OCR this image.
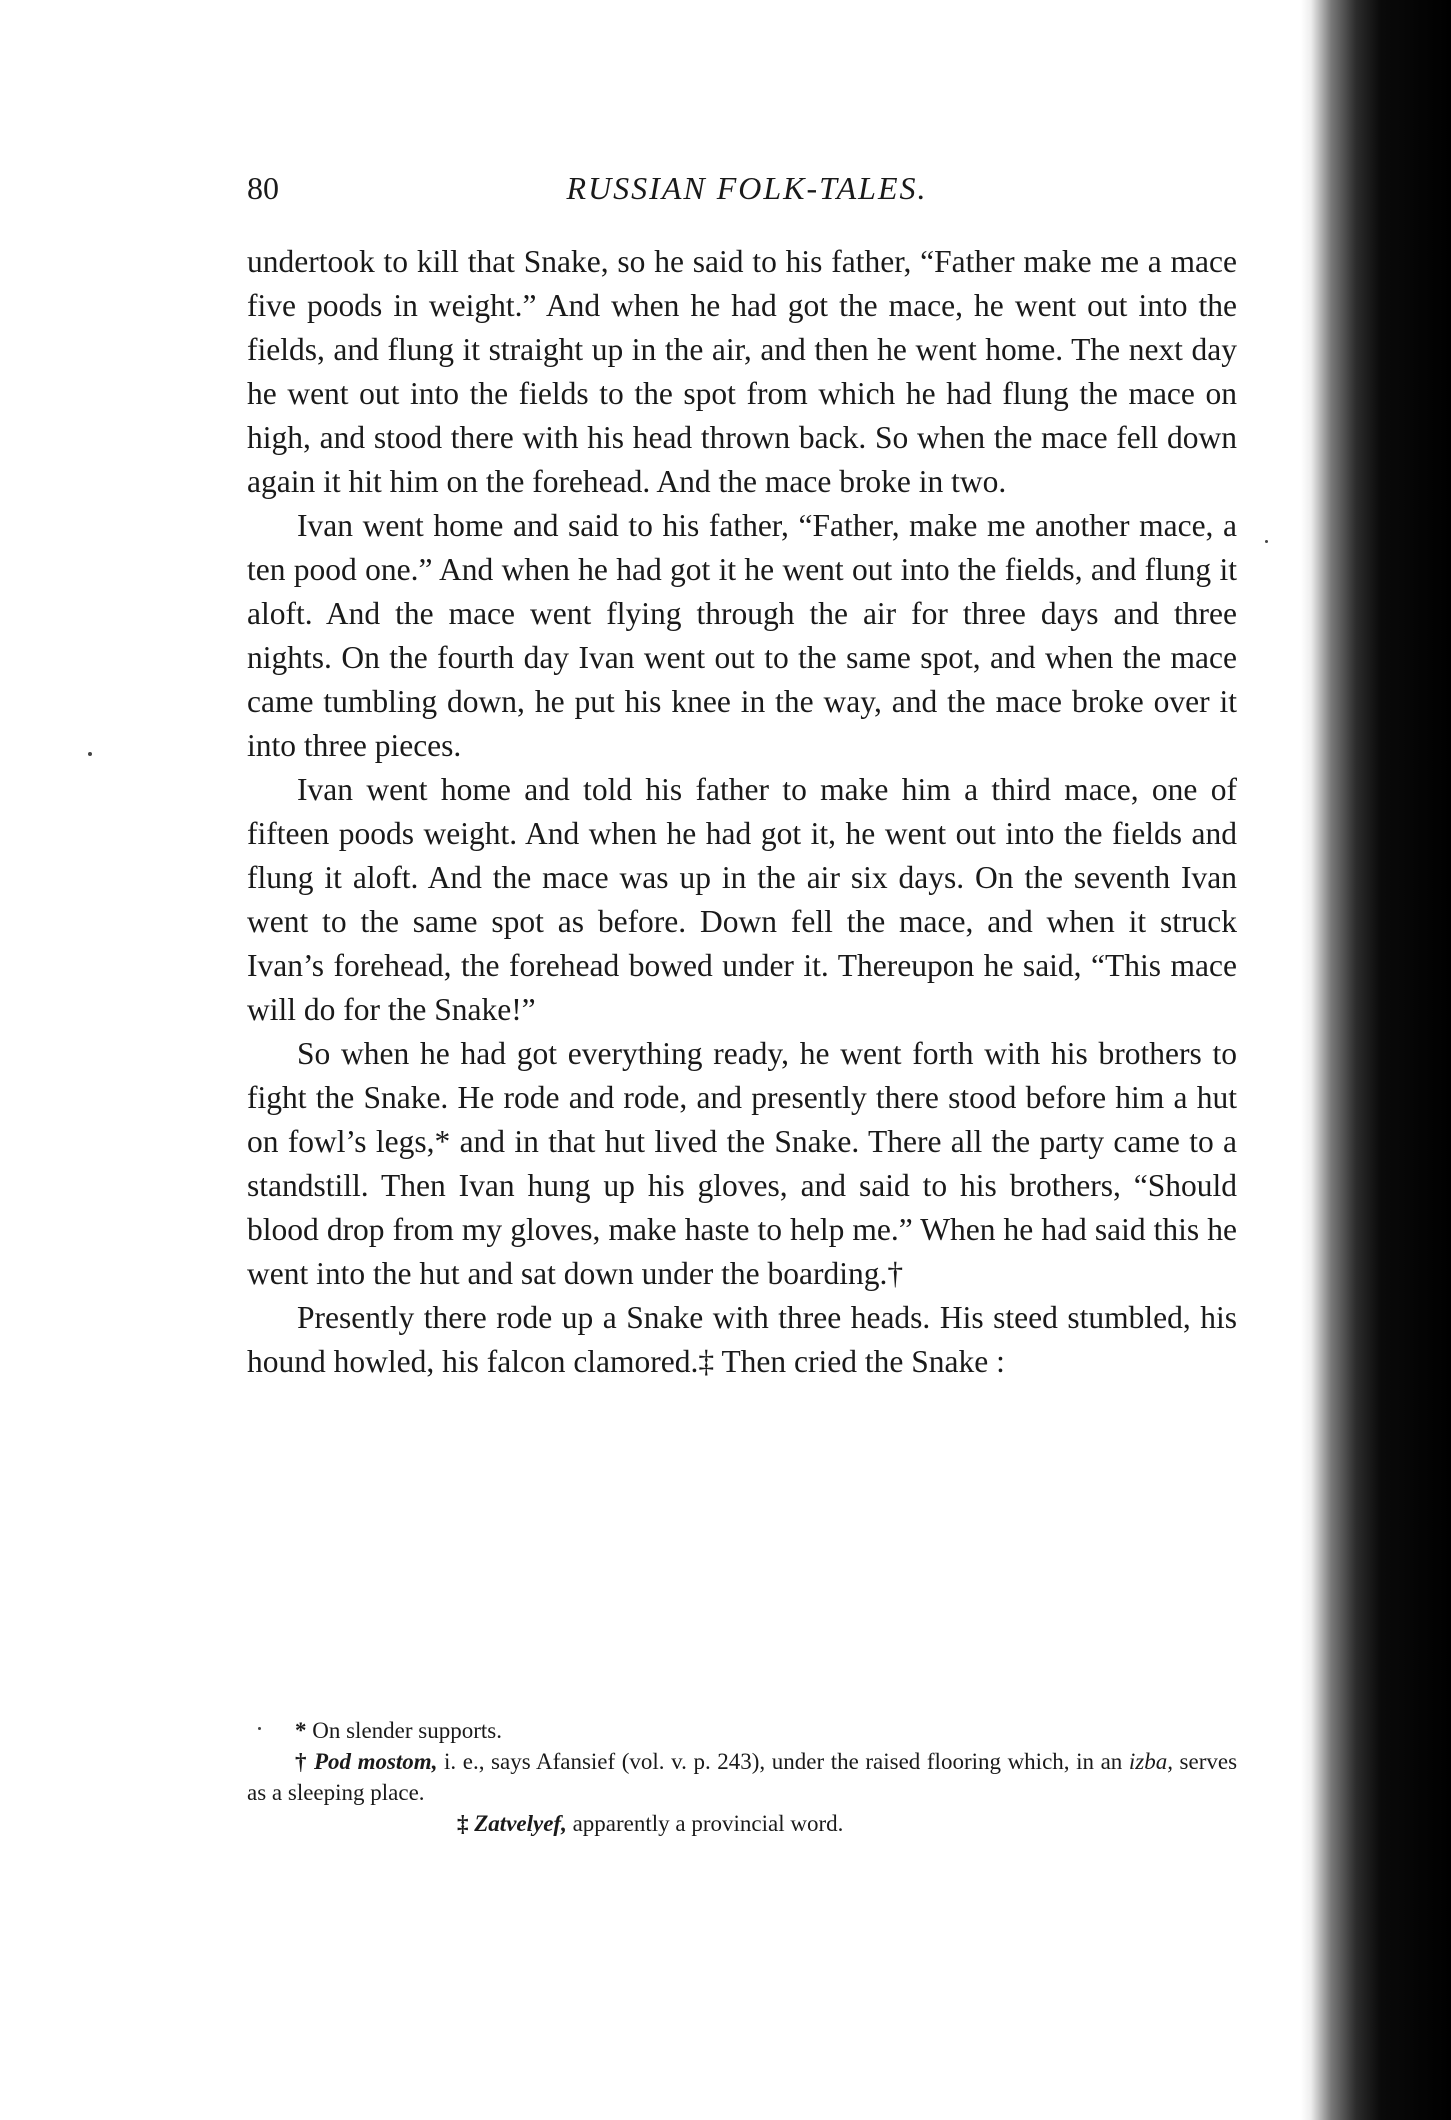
80	RUSSIAN FOLK-TALES.

undertook to kill that Snake, so he said to his father, “Father make me a mace five poods in weight.” And when he had got the mace, he went out into the fields, and flung it straight up in the air, and then he went home. The next day he went out into the fields to the spot from which he had flung the mace on high, and stood there with his head thrown back. So when the mace fell down again it hit him on the forehead. And the mace broke in two.

Ivan went home and said to his father, “Father, make me another mace, a ten pood one.” And when he had got it he went out into the fields, and flung it aloft. And the mace went flying through the air for three days and three nights. On the fourth day Ivan went out to the same spot, and when the mace came tumbling down, he put his knee in the way, and the mace broke over it into three pieces.

Ivan went home and told his father to make him a third mace, one of fifteen poods weight. And when he had got it, he went out into the fields and flung it aloft. And the mace was up in the air six days. On the seventh Ivan went to the same spot as before. Down fell the mace, and when it struck Ivan’s forehead, the forehead bowed under it. Thereupon he said, “This mace will do for the Snake!”

So when he had got everything ready, he went forth with his brothers to fight the Snake. He rode and rode, and presently there stood before him a hut on fowl’s legs,* and in that hut lived the Snake. There all the party came to a standstill. Then Ivan hung up his gloves, and said to his brothers, “Should blood drop from my gloves, make haste to help me.” When he had said this he went into the hut and sat down under the boarding.†

Presently there rode up a Snake with three heads. His steed stumbled, his hound howled, his falcon clamored.‡ Then cried the Snake :

* On slender supports.

† Pod mostom, i. e., says Afansief (vol. v. p. 243), under the raised flooring which, in an izba, serves as a sleeping place.

‡ Zatvelyef, apparently a provincial word.
